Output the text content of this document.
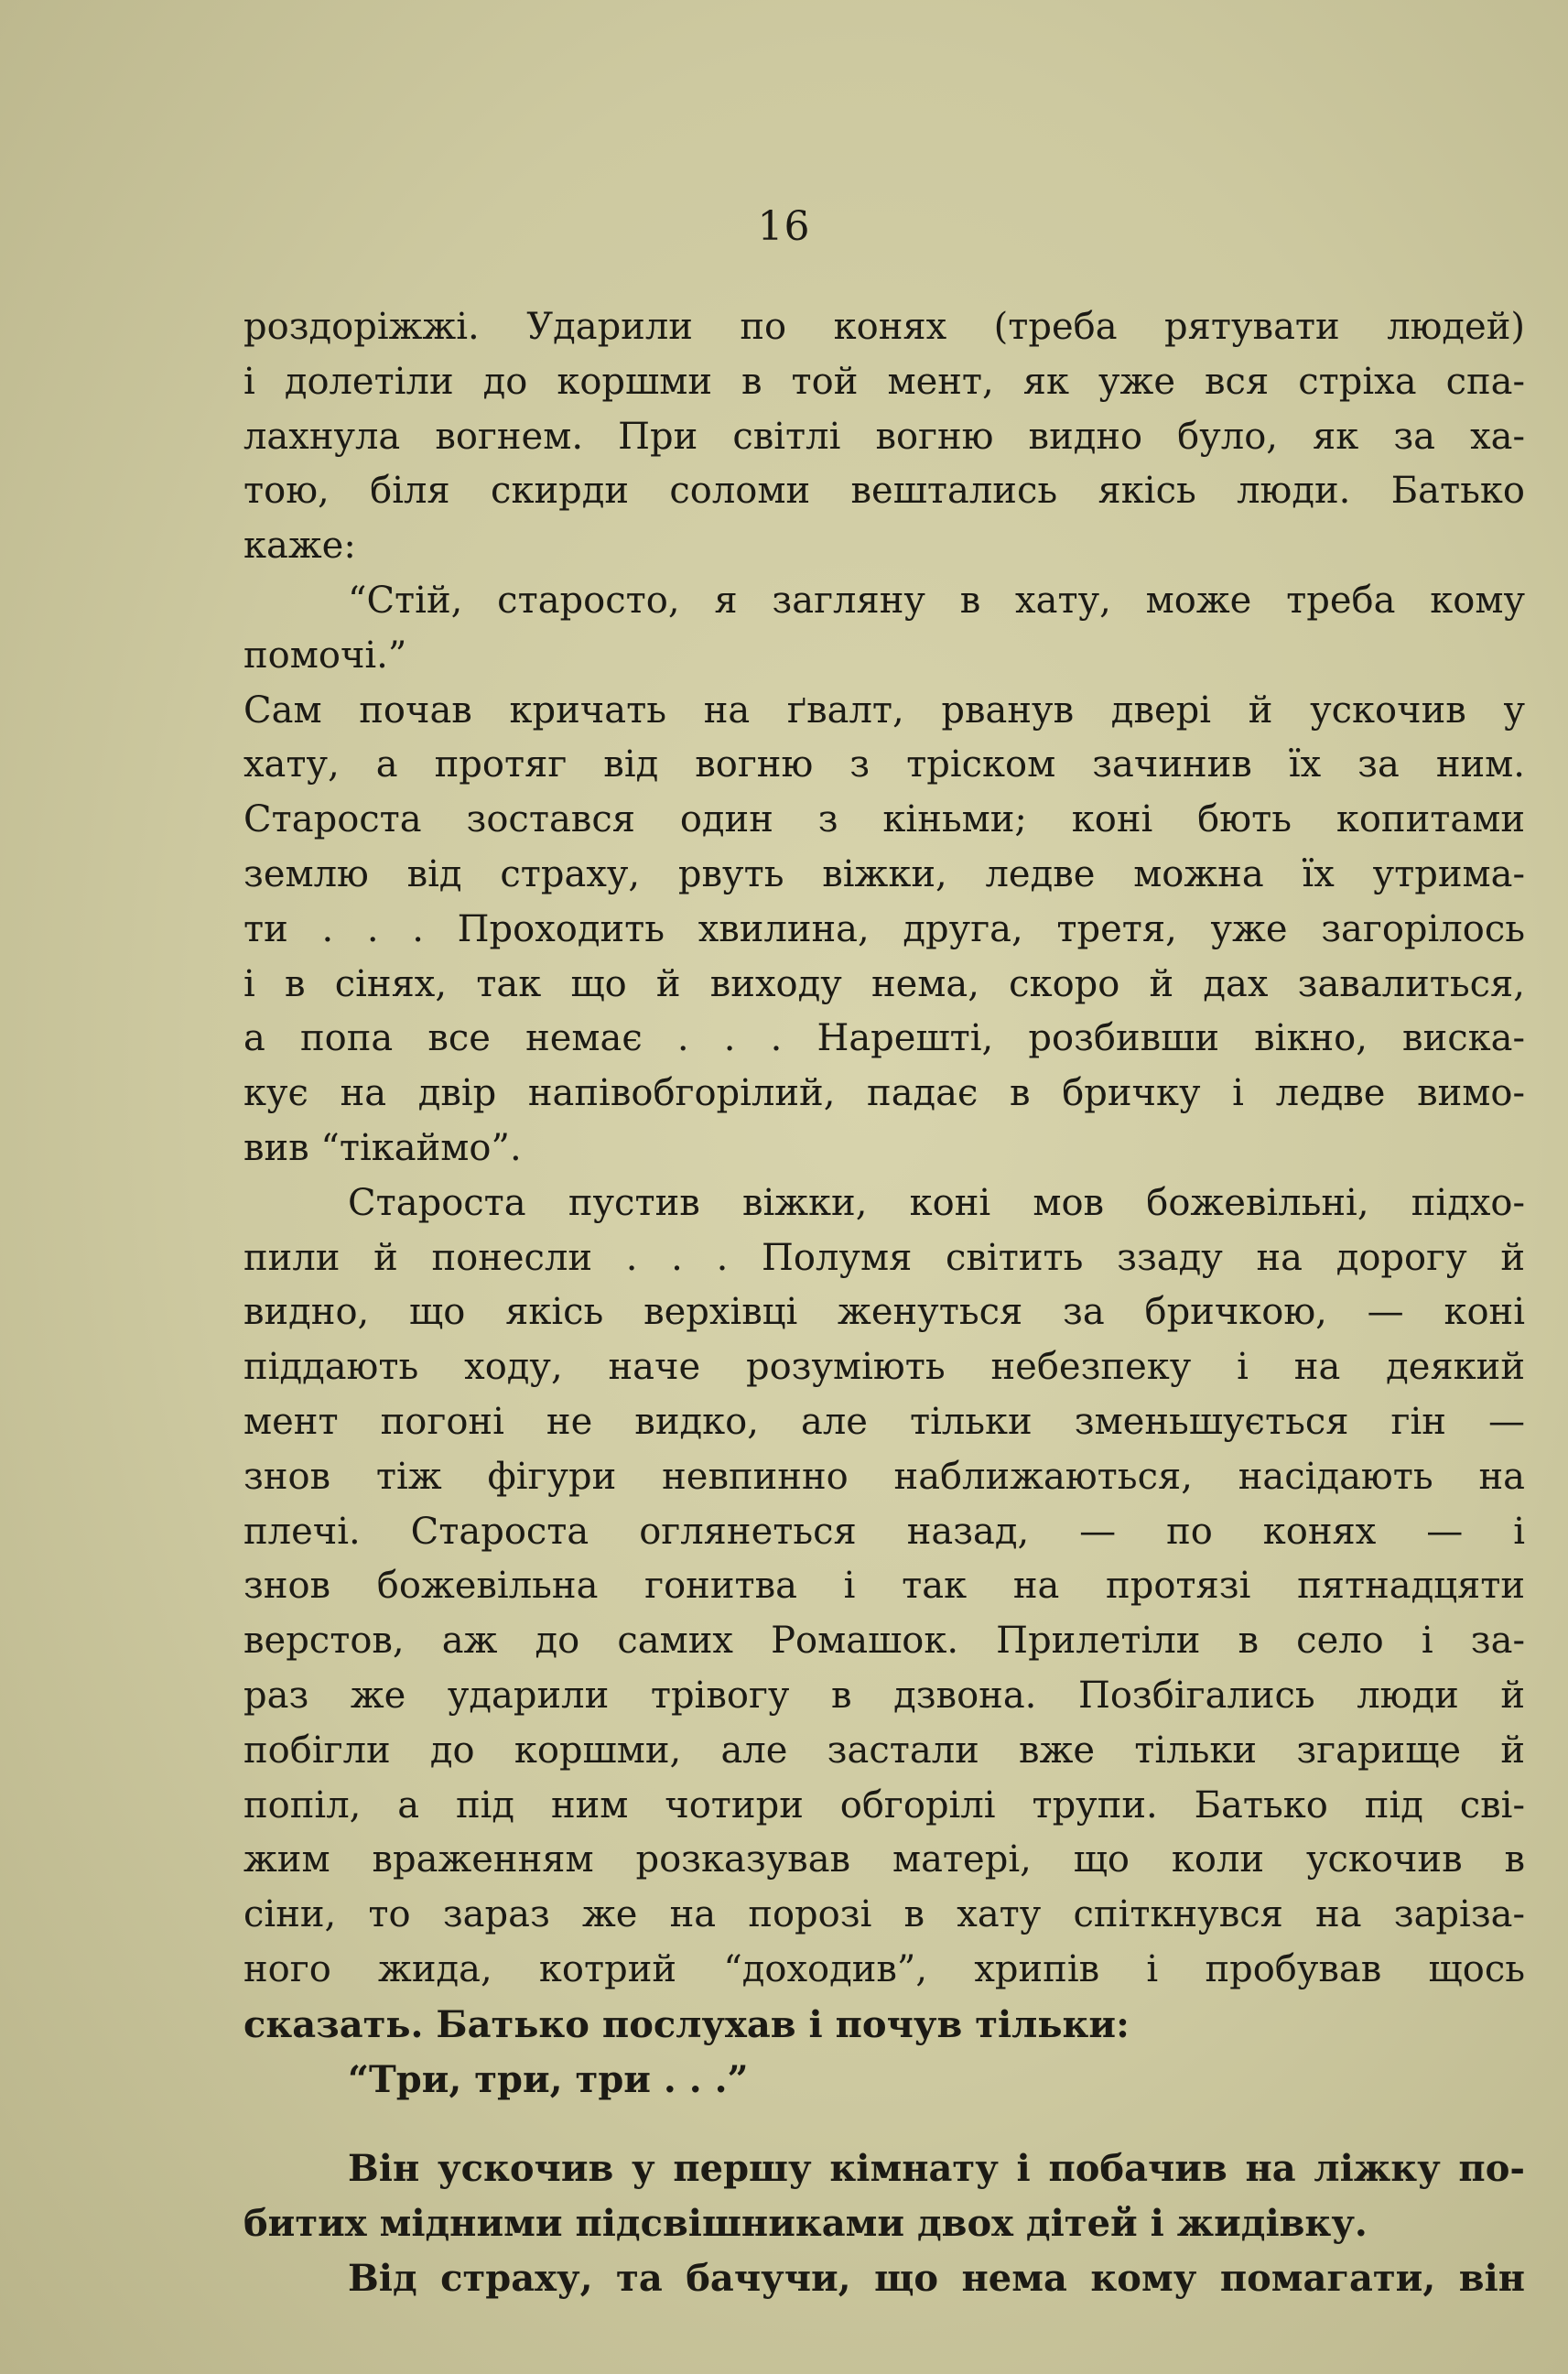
16
роздоріжжі. Ударили по конях (треба рятувати людей)
і долетіли до коршми в той мент, як уже вся стріха спа-
лахнула вогнем. При світлі вогню видно було, як за ха-
тою, біля скирди соломи вештались якісь люди. Батько
каже:
“Стій, старосто, я загляну в хату, може треба кому
помочі.”
Сам почав кричать на ґвалт, рванув двері й ускочив у
хату, а протяг від вогню з тріском зачинив їх за ним.
Староста зостався один з кіньми; коні бють копитами
землю від страху, рвуть віжки, ледве можна їх утрима-
ти . . . Проходить хвилина, друга, третя, уже загорілось
і в сінях, так що й виходу нема, скоро й дах завалиться,
а попа все немає . . . Нарешті, розбивши вікно, виска-
кує на двір напівобгорілий, падає в бричку і ледве вимо-
вив “тікаймо”.
Староста пустив віжки, коні мов божевільні, підхо-
пили й понесли . . . Полумя світить ззаду на дорогу й
видно, що якісь верхівці женуться за бричкою, — коні
піддають ходу, наче розуміють небезпеку і на деякий
мент погоні не видко, але тільки зменьшується гін —
знов тіж фігури невпинно наближаються, насідають на
плечі. Староста оглянеться назад, — по конях — і
знов божевільна гонитва і так на протязі пятнадцяти
верстов, аж до самих Ромашок. Прилетіли в село і за-
раз же ударили трівогу в дзвона. Позбігались люди й
побігли до коршми, але застали вже тільки згарище й
попіл, а під ним чотири обгорілі трупи. Батько під сві-
жим враженням розказував матері, що коли ускочив в
сіни, то зараз же на порозі в хату спіткнувся на заріза-
ного жида, котрий “доходив”, хрипів і пробував щось
сказать. Батько послухав і почув тільки:
“Три, три, три . . .”
Він ускочив у першу кімнату і побачив на ліжку по-
битих мідними підсвішниками двох дітей і жидівку.
Від страху, та бачучи, що нема кому помагати, він
